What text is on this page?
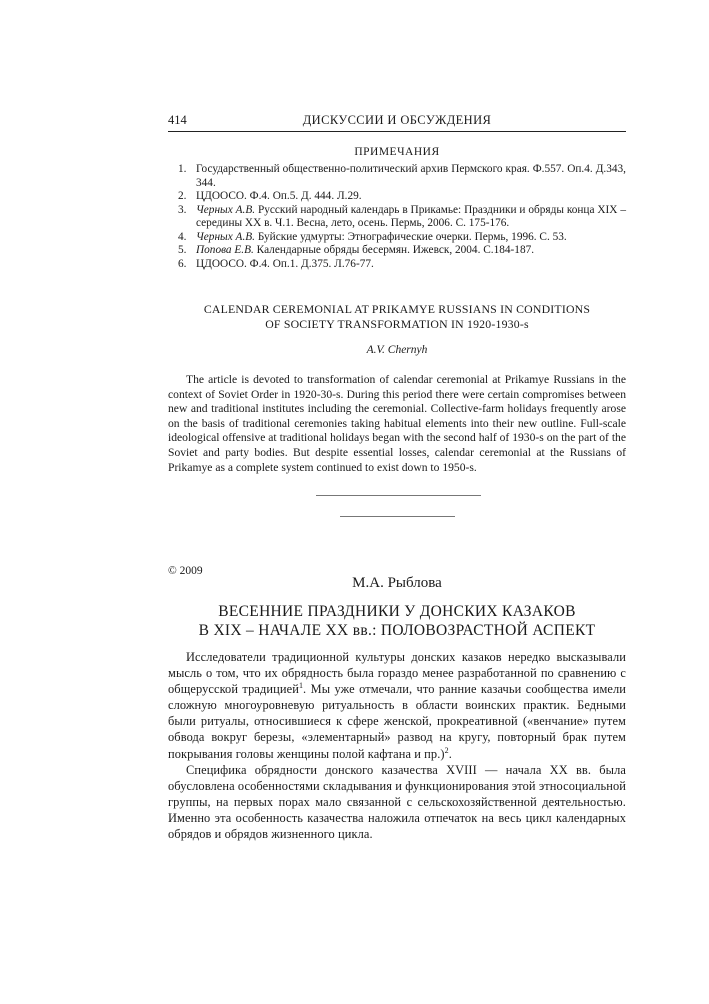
414	ДИСКУССИИ И ОБСУЖДЕНИЯ
ПРИМЕЧАНИЯ
1. Государственный общественно-политический архив Пермского края. Ф.557. Оп.4. Д.343, 344.
2. ЦДООСО. Ф.4. Оп.5. Д. 444. Л.29.
3. Черных А.В. Русский народный календарь в Прикамье: Праздники и обряды конца XIX – середины XX в. Ч.1. Весна, лето, осень. Пермь, 2006. С. 175-176.
4. Черных А.В. Буйские удмурты: Этнографические очерки. Пермь, 1996. С. 53.
5. Попова Е.В. Календарные обряды бесермян. Ижевск, 2004. С.184-187.
6. ЦДООСО. Ф.4. Оп.1. Д.375. Л.76-77.
CALENDAR CEREMONIAL AT PRIKAMYE RUSSIANS IN CONDITIONS
OF SOCIETY TRANSFORMATION IN 1920-1930-s
A.V. Chernyh

The article is devoted to transformation of calendar ceremonial at Prikamye Russians in the context of Soviet Order in 1920-30-s. During this period there were certain compromises between new and traditional institutes including the ceremonial. Collective-farm holidays frequently arose on the basis of traditional ceremonies taking habitual elements into their new outline. Full-scale ideological offensive at traditional holidays began with the second half of 1930-s on the part of the Soviet and party bodies. But despite essential losses, calendar ceremonial at the Russians of Prikamye as a complete system continued to exist down to 1950-s.

© 2009
М.А. Рыблова
ВЕСЕННИЕ ПРАЗДНИКИ У ДОНСКИХ КАЗАКОВ
В XIX – НАЧАЛЕ XX вв.: ПОЛОВОЗРАСТНОЙ АСПЕКТ

Исследователи традиционной культуры донских казаков нередко высказывали мысль о том, что их обрядность была гораздо менее разработанной по сравнению с общерусской традицией$^1$. Мы уже отмечали, что ранние казачьи сообщества имели сложную многоуровневую ритуальность в области воинских практик. Бедными были ритуалы, относившиеся к сфере женской, прокреативной («венчание» путем обвода вокруг березы, «элементарный» развод на кругу, повторный брак путем покрывания головы женщины полой кафтана и пр.)$^2$.

Специфика обрядности донского казачества XVIII — начала XX вв. была обусловлена особенностями складывания и функционирования этой этносоциальной группы, на первых порах мало связанной с сельскохозяйственной деятельностью. Именно эта особенность казачества наложила отпечаток на весь цикл календарных обрядов и обрядов жизненного цикла.
